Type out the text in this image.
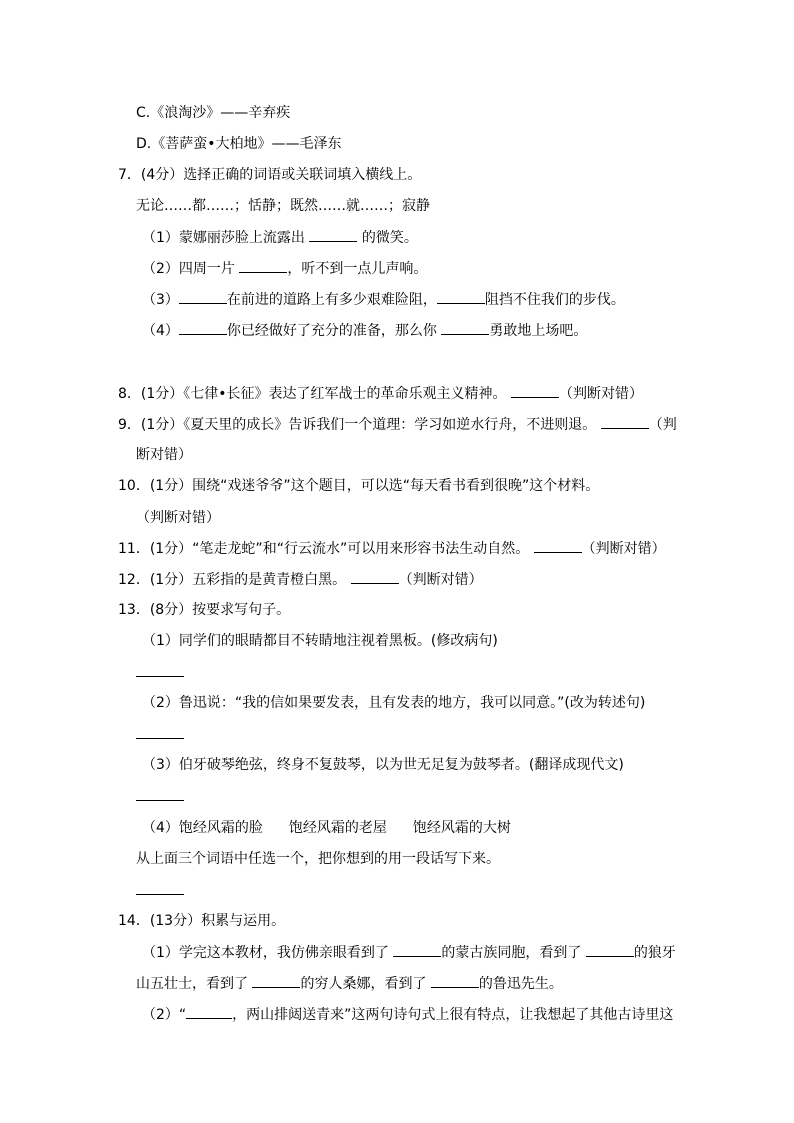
C.《浪淘沙》——辛弃疾
D.《菩萨蛮•大柏地》——毛泽东
7．(4分）选择正确的词语或关联词填入横线上。
无论……都……；恬静；既然……就……；寂静
（1）蒙娜丽莎脸上流露出	的微笑。
（2）四周一片	，听不到一点儿声响。
（3）	在前进的道路上有多少艰难险阻，	阻挡不住我们的步伐。
（4）	你已经做好了充分的准备，那么你	勇敢地上场吧。
8．(1分）《七律•长征》表达了红军战士的革命乐观主义精神。	（判断对错）
9．(1分）《夏天里的成长》告诉我们一个道理：学习如逆水行舟，不进则退。	（判
断对错）
10．(1分）围绕“戏迷爷爷”这个题目，可以选“每天看书看到很晚”这个材料。
（判断对错）
11．(1分）“笔走龙蛇”和“行云流水”可以用来形容书法生动自然。	（判断对错）
12．(1分）五彩指的是黄青橙白黑。	（判断对错）
13．(8分）按要求写句子。
（1）同学们的眼睛都目不转睛地注视着黑板。(修改病句)
（2）鲁迅说：“我的信如果要发表，且有发表的地方，我可以同意。”(改为转述句)
（3）伯牙破琴绝弦，终身不复鼓琴，以为世无足复为鼓琴者。(翻译成现代文)
（4）饱经风霜的脸 饱经风霜的老屋 饱经风霜的大树
从上面三个词语中任选一个，把你想到的用一段话写下来。
14．(13分）积累与运用。
（1）学完这本教材，我仿佛亲眼看到了	的蒙古族同胞，看到了	的狼牙
山五壮士，看到了	的穷人桑娜，看到了	的鲁迅先生。
（2）“	，两山排闼送青来”这两句诗句式上很有特点，让我想起了其他古诗里这
